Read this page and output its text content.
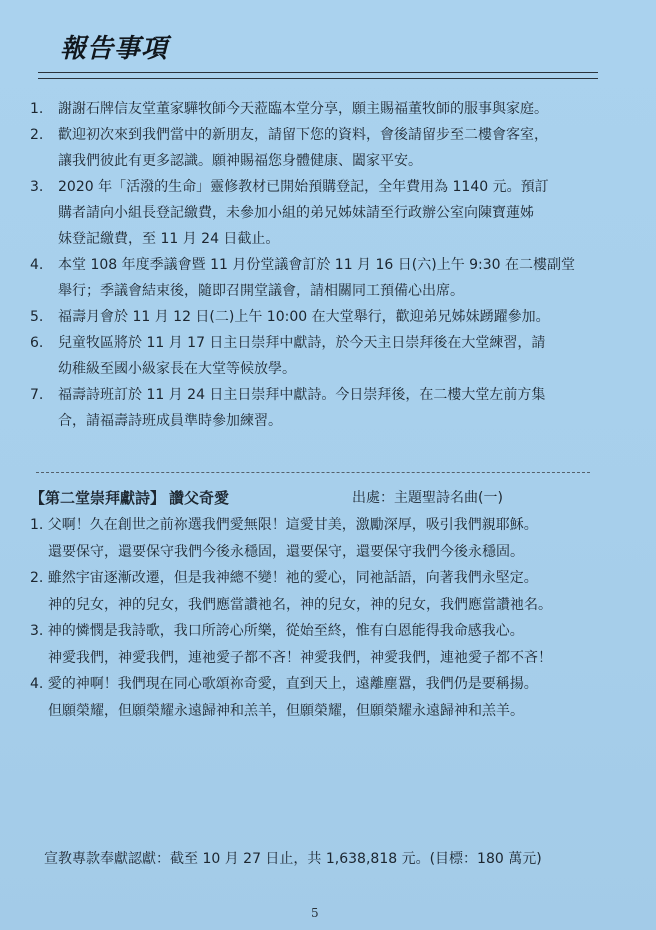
報告事項
1.	謝謝石牌信友堂董家驊牧師今天蒞臨本堂分享，願主賜福董牧師的服事與家庭。
2.	歡迎初次來到我們當中的新朋友，請留下您的資料，會後請留步至二樓會客室，
讓我們彼此有更多認識。願神賜福您身體健康、闔家平安。
3.	2020 年「活潑的生命」靈修教材已開始預購登記，全年費用為 1140 元。預訂
購者請向小組長登記繳費，未參加小組的弟兄姊妹請至行政辦公室向陳寶蓮姊
妹登記繳費，至 11 月 24 日截止。
4.	本堂 108 年度季議會暨 11 月份堂議會訂於 11 月 16 日(六)上午 9:30 在二樓副堂
舉行；季議會結束後，隨即召開堂議會，請相關同工預備心出席。
5.	福壽月會於 11 月 12 日(二)上午 10:00 在大堂舉行，歡迎弟兄姊妹踴躍參加。
6.	兒童牧區將於 11 月 17 日主日崇拜中獻詩，於今天主日崇拜後在大堂練習，請
幼稚級至國小級家長在大堂等候放學。
7.	福壽詩班訂於 11 月 24 日主日崇拜中獻詩。今日崇拜後，在二樓大堂左前方集
合，請福壽詩班成員準時參加練習。
【第二堂崇拜獻詩】 讚父奇愛	出處：主題聖詩名曲(一)
1. 父啊！久在創世之前祢選我們愛無限！這愛甘美，激勵深厚，吸引我們親耶穌。
還要保守，還要保守我們今後永穩固，還要保守，還要保守我們今後永穩固。
2. 雖然宇宙逐漸改遷，但是我神總不變！祂的愛心，同祂話語，向著我們永堅定。
神的兒女，神的兒女，我們應當讚祂名，神的兒女，神的兒女，我們應當讚祂名。
3. 神的憐憫是我詩歌，我口所誇心所樂，從始至終，惟有白恩能得我命感我心。
神愛我們，神愛我們，連祂愛子都不吝！神愛我們，神愛我們，連祂愛子都不吝！
4. 愛的神啊！我們現在同心歌頌祢奇愛，直到天上，遠離塵囂，我們仍是要稱揚。
但願榮耀，但願榮耀永遠歸神和羔羊，但願榮耀，但願榮耀永遠歸神和羔羊。
宣教專款奉獻認獻：截至 10 月 27 日止，共 1,638,818 元。(目標：180 萬元)
5
